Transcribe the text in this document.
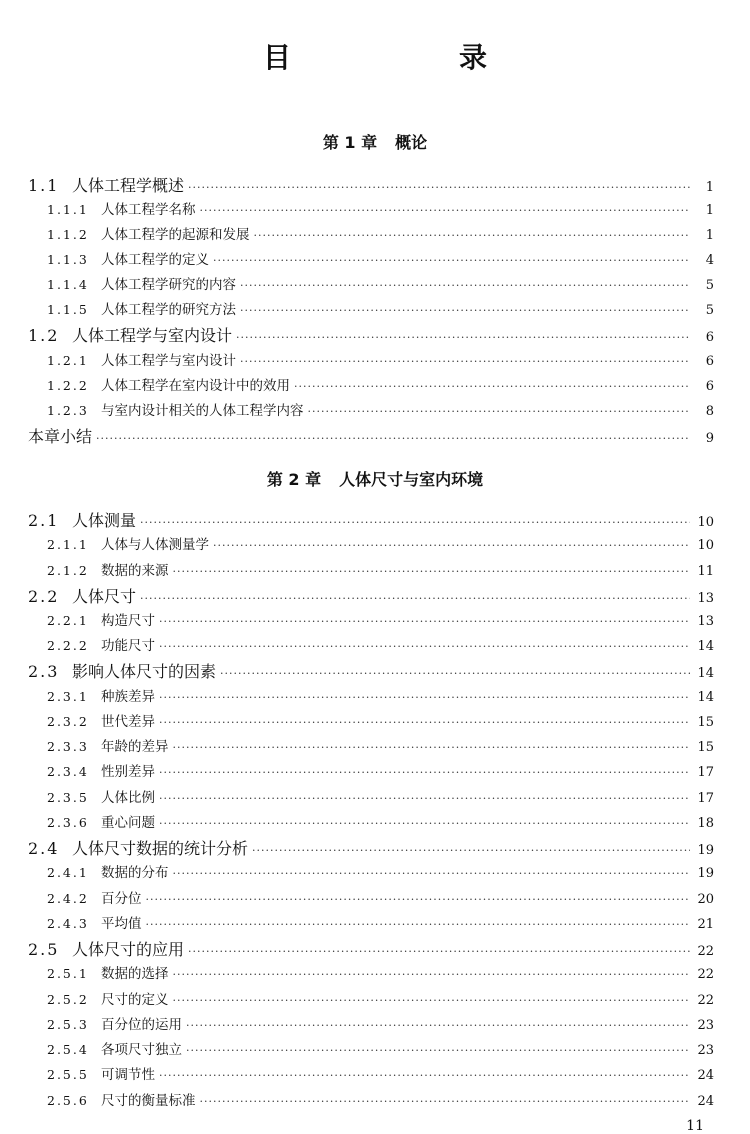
目　录
第 1 章 概论
1.1 人体工程学概述 ·····	1
1.1.1 人体工程学名称 ·····	1
1.1.2 人体工程学的起源和发展 ·····	1
1.1.3 人体工程学的定义 ·····	4
1.1.4 人体工程学研究的内容 ·····	5
1.1.5 人体工程学的研究方法 ·····	5
1.2 人体工程学与室内设计 ·····	6
1.2.1 人体工程学与室内设计 ·····	6
1.2.2 人体工程学在室内设计中的效用 ·····	6
1.2.3 与室内设计相关的人体工程学内容 ·····	8
本章小结 ·····	9
第 2 章 人体尺寸与室内环境
2.1 人体测量 ·····	10
2.1.1 人体与人体测量学 ·····	10
2.1.2 数据的来源 ·····	11
2.2 人体尺寸 ·····	13
2.2.1 构造尺寸 ·····	13
2.2.2 功能尺寸 ·····	14
2.3 影响人体尺寸的因素 ·····	14
2.3.1 种族差异 ·····	14
2.3.2 世代差异 ·····	15
2.3.3 年龄的差异 ·····	15
2.3.4 性别差异 ·····	17
2.3.5 人体比例 ·····	17
2.3.6 重心问题 ·····	18
2.4 人体尺寸数据的统计分析 ·····	19
2.4.1 数据的分布 ·····	19
2.4.2 百分位 ·····	20
2.4.3 平均值 ·····	21
2.5 人体尺寸的应用 ·····	22
2.5.1 数据的选择 ·····	22
2.5.2 尺寸的定义 ·····	22
2.5.3 百分位的运用 ·····	23
2.5.4 各项尺寸独立 ·····	23
2.5.5 可调节性 ·····	24
2.5.6 尺寸的衡量标准 ·····	24
11
